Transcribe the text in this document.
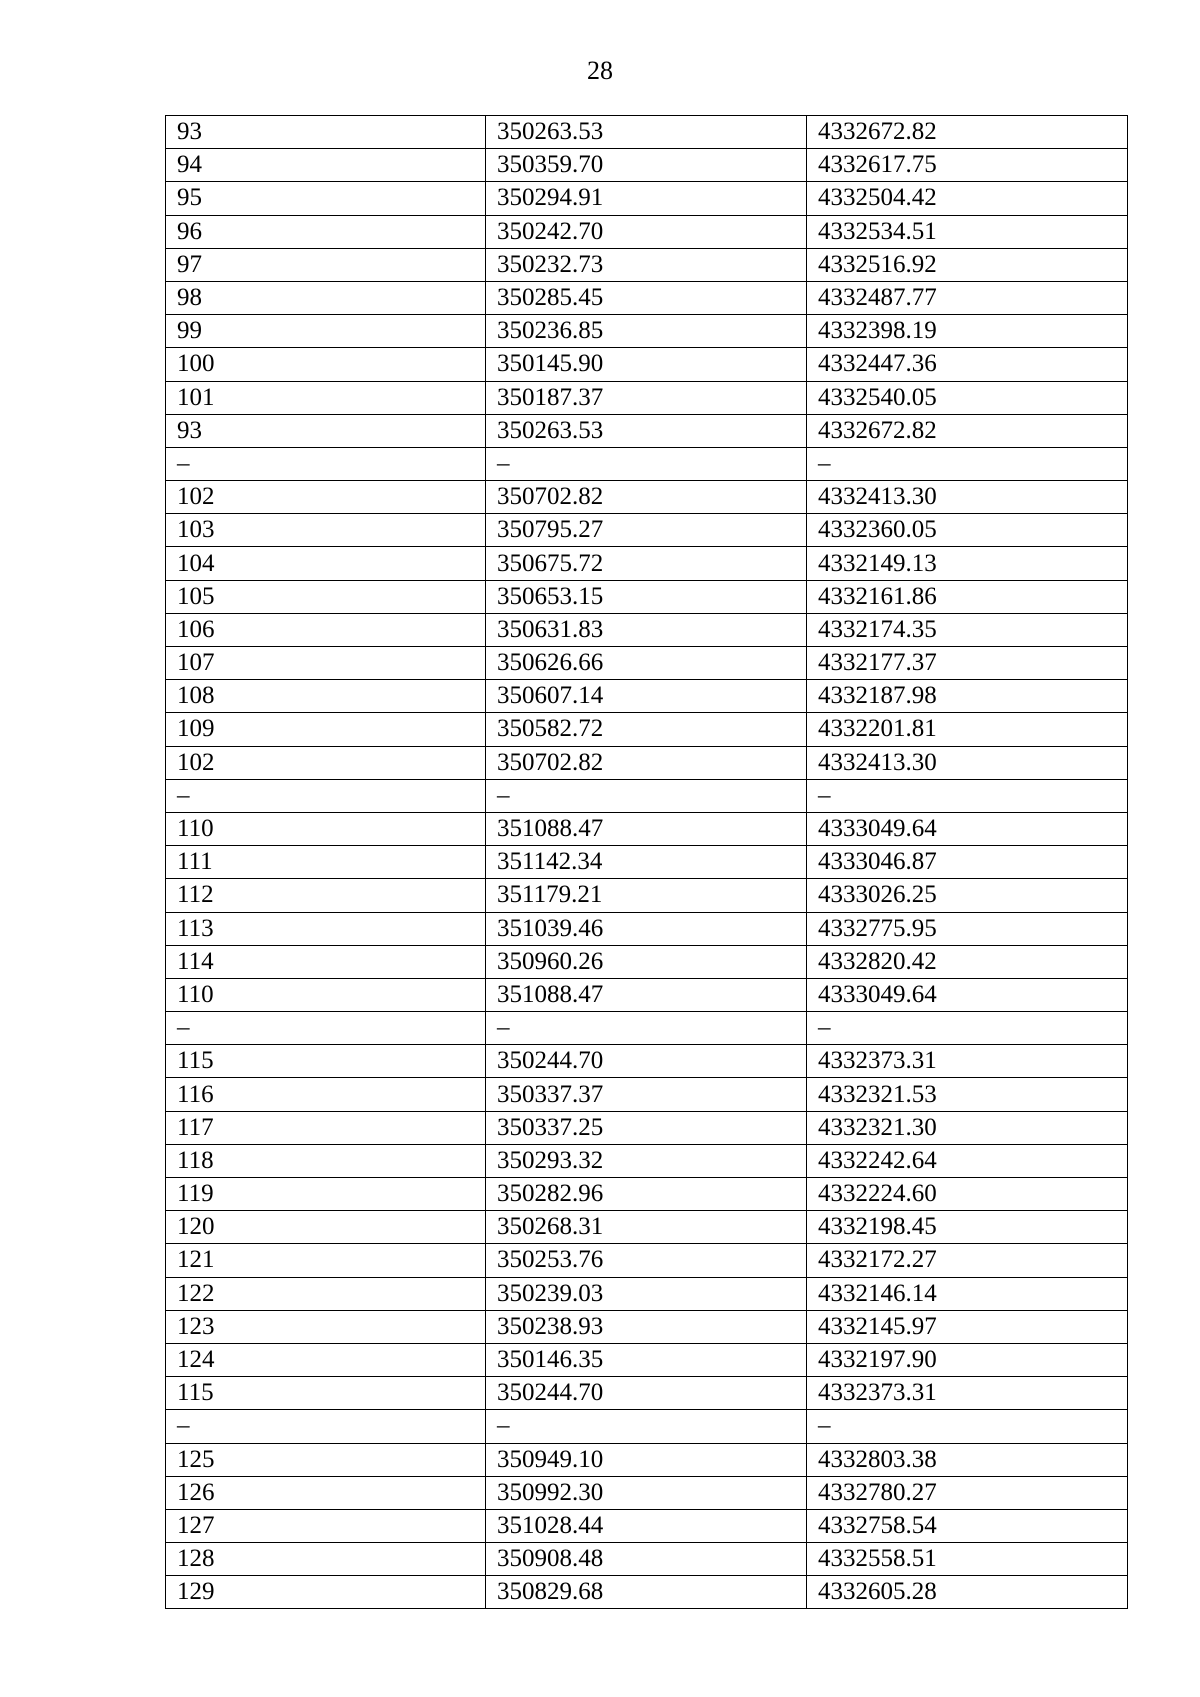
28
93	350263.53	4332672.82
94	350359.70	4332617.75
95	350294.91	4332504.42
96	350242.70	4332534.51
97	350232.73	4332516.92
98	350285.45	4332487.77
99	350236.85	4332398.19
100	350145.90	4332447.36
101	350187.37	4332540.05
93	350263.53	4332672.82
–	–	–
102	350702.82	4332413.30
103	350795.27	4332360.05
104	350675.72	4332149.13
105	350653.15	4332161.86
106	350631.83	4332174.35
107	350626.66	4332177.37
108	350607.14	4332187.98
109	350582.72	4332201.81
102	350702.82	4332413.30
–	–	–
110	351088.47	4333049.64
111	351142.34	4333046.87
112	351179.21	4333026.25
113	351039.46	4332775.95
114	350960.26	4332820.42
110	351088.47	4333049.64
–	–	–
115	350244.70	4332373.31
116	350337.37	4332321.53
117	350337.25	4332321.30
118	350293.32	4332242.64
119	350282.96	4332224.60
120	350268.31	4332198.45
121	350253.76	4332172.27
122	350239.03	4332146.14
123	350238.93	4332145.97
124	350146.35	4332197.90
115	350244.70	4332373.31
–	–	–
125	350949.10	4332803.38
126	350992.30	4332780.27
127	351028.44	4332758.54
128	350908.48	4332558.51
129	350829.68	4332605.28
